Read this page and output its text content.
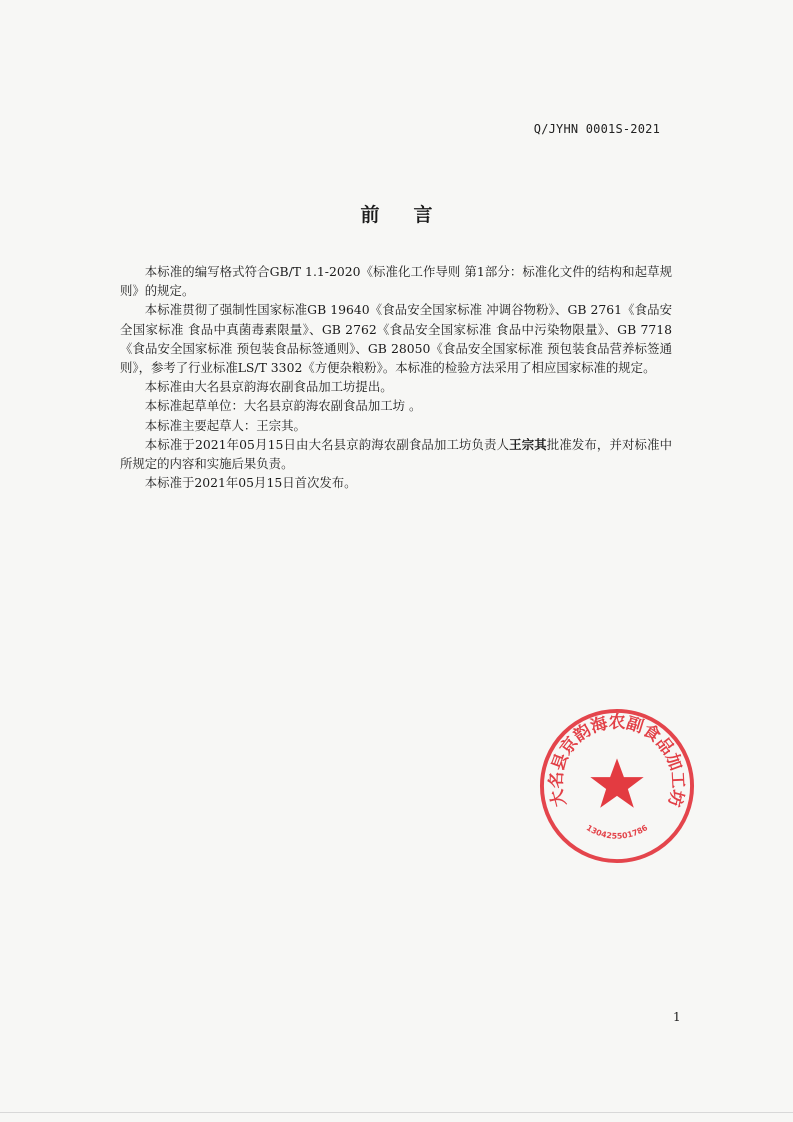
Q/JYHN 0001S-2021
前言

本标准的编写格式符合GB/T 1.1-2020《标准化工作导则 第1部分：标准化文件的结构和起草规则》的规定。

本标准贯彻了强制性国家标准GB 19640《食品安全国家标准 冲调谷物粉》、GB 2761《食品安全国家标准 食品中真菌毒素限量》、GB 2762《食品安全国家标准 食品中污染物限量》、GB 7718《食品安全国家标准 预包装食品标签通则》、GB 28050《食品安全国家标准 预包装食品营养标签通则》，参考了行业标准LS/T 3302《方便杂粮粉》。本标准的检验方法采用了相应国家标准的规定。

本标准由大名县京韵海农副食品加工坊提出。

本标准起草单位：大名县京韵海农副食品加工坊 。

本标准主要起草人：王宗其。

本标准于2021年05月15日由大名县京韵海农副食品加工坊负责人王宗其批准发布，并对标准中所规定的内容和实施后果负责。

本标准于2021年05月15日首次发布。

大名县京韵海农副食品加工坊
130425501786
1
